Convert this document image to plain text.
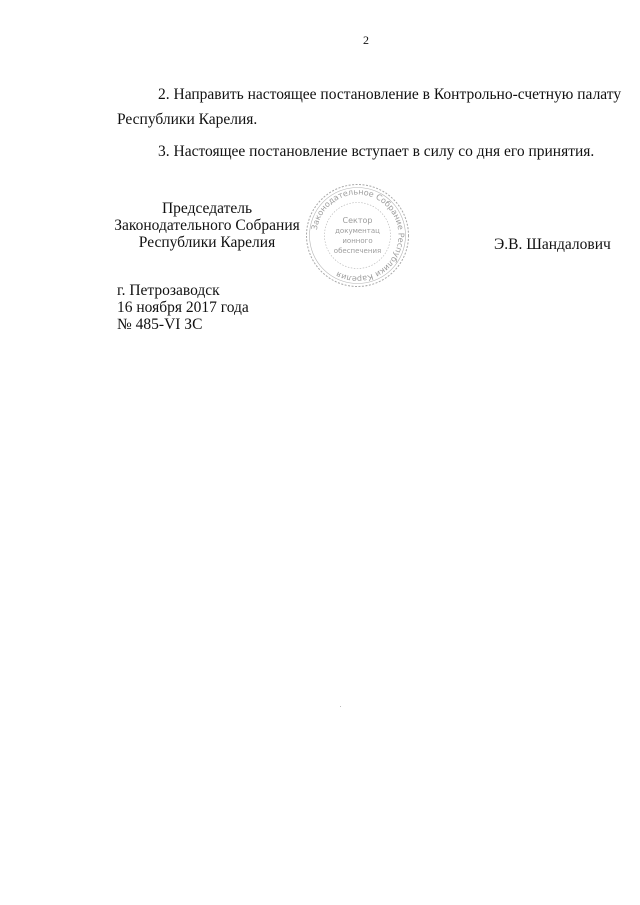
2
2. Направить настоящее постановление в Контрольно-счетную палату
Республики Карелия.
3. Настоящее постановление вступает в силу со дня его принятия.
Председатель
Законодательного Собрания
Республики Карелия
Законодательное Собрание Республики Карелия
Сектор
документац
ионного
обеспечения	Э.В. Шандалович
г. Петрозаводск
16 ноября 2017 года
№ 485-VI ЗС
